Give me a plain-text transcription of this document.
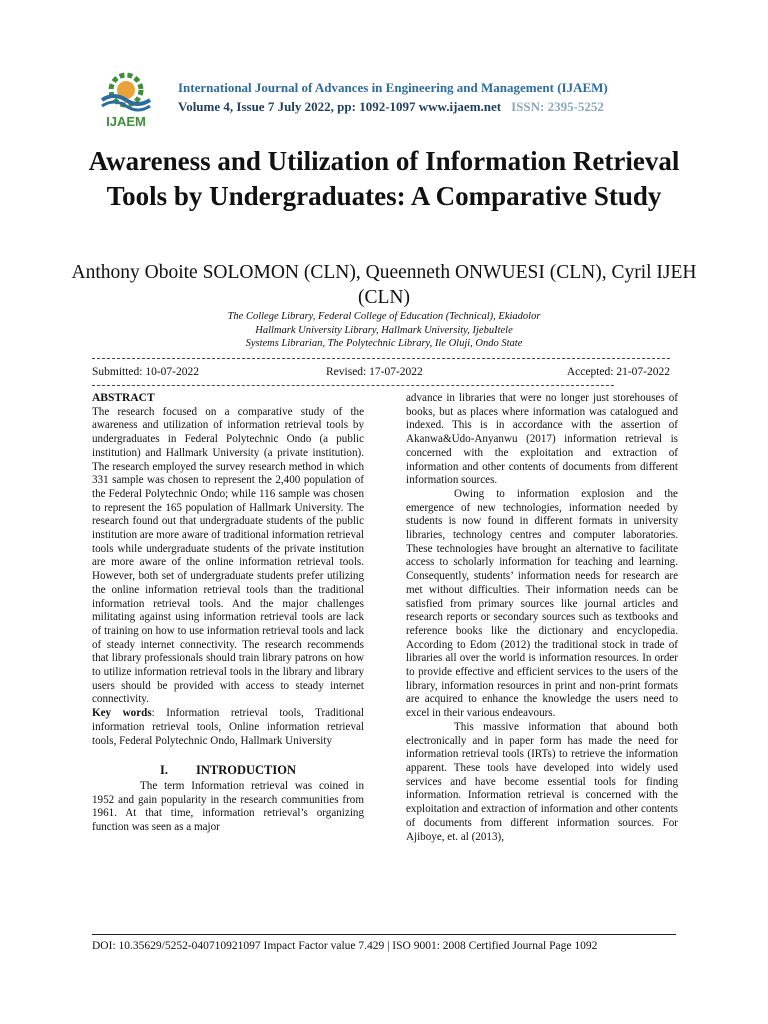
IJAEM
International Journal of Advances in Engineering and Management (IJAEM)
Volume 4, Issue 7 July 2022, pp: 1092-1097 www.ijaem.net ISSN: 2395-5252
Awareness and Utilization of Information Retrieval Tools by Undergraduates: A Comparative Study
Anthony Oboite SOLOMON (CLN), Queenneth ONWUESI (CLN), Cyril IJEH (CLN)
The College Library, Federal College of Education (Technical), Ekiadolor
Hallmark University Library, Hallmark University, IjebuItele
Systems Librarian, The Polytechnic Library, Ile Oluji, Ondo State
Submitted: 10-07-2022	Revised: 17-07-2022	Accepted: 21-07-2022

ABSTRACT

The research focused on a comparative study of the awareness and utilization of information retrieval tools by undergraduates in Federal Polytechnic Ondo (a public institution) and Hallmark University (a private institution). The research employed the survey research method in which 331 sample was chosen to represent the 2,400 population of the Federal Polytechnic Ondo; while 116 sample was chosen to represent the 165 population of Hallmark University. The research found out that undergraduate students of the public institution are more aware of traditional information retrieval tools while undergraduate students of the private institution are more aware of the online information retrieval tools. However, both set of undergraduate students prefer utilizing the online information retrieval tools than the traditional information retrieval tools. And the major challenges militating against using information retrieval tools are lack of training on how to use information retrieval tools and lack of steady internet connectivity. The research recommends that library professionals should train library patrons on how to utilize information retrieval tools in the library and library users should be provided with access to steady internet connectivity.

Key words: Information retrieval tools, Traditional information retrieval tools, Online information retrieval tools, Federal Polytechnic Ondo, Hallmark University

I. INTRODUCTION

The term Information retrieval was coined in 1952 and gain popularity in the research communities from 1961. At that time, information retrieval’s organizing function was seen as a major

advance in libraries that were no longer just storehouses of books, but as places where information was catalogued and indexed. This is in accordance with the assertion of Akanwa&Udo-Anyanwu (2017) information retrieval is concerned with the exploitation and extraction of information and other contents of documents from different information sources.

Owing to information explosion and the emergence of new technologies, information needed by students is now found in different formats in university libraries, technology centres and computer laboratories. These technologies have brought an alternative to facilitate access to scholarly information for teaching and learning. Consequently, students’ information needs for research are met without difficulties. Their information needs can be satisfied from primary sources like journal articles and research reports or secondary sources such as textbooks and reference books like the dictionary and encyclopedia. According to Edom (2012) the traditional stock in trade of libraries all over the world is information resources. In order to provide effective and efficient services to the users of the library, information resources in print and non-print formats are acquired to enhance the knowledge the users need to excel in their various endeavours.

This massive information that abound both electronically and in paper form has made the need for information retrieval tools (IRTs) to retrieve the information apparent. These tools have developed into widely used services and have become essential tools for finding information. Information retrieval is concerned with the exploitation and extraction of information and other contents of documents from different information sources. For Ajiboye, et. al (2013),

DOI: 10.35629/5252-040710921097 Impact Factor value 7.429 | ISO 9001: 2008 Certified Journal Page 1092
